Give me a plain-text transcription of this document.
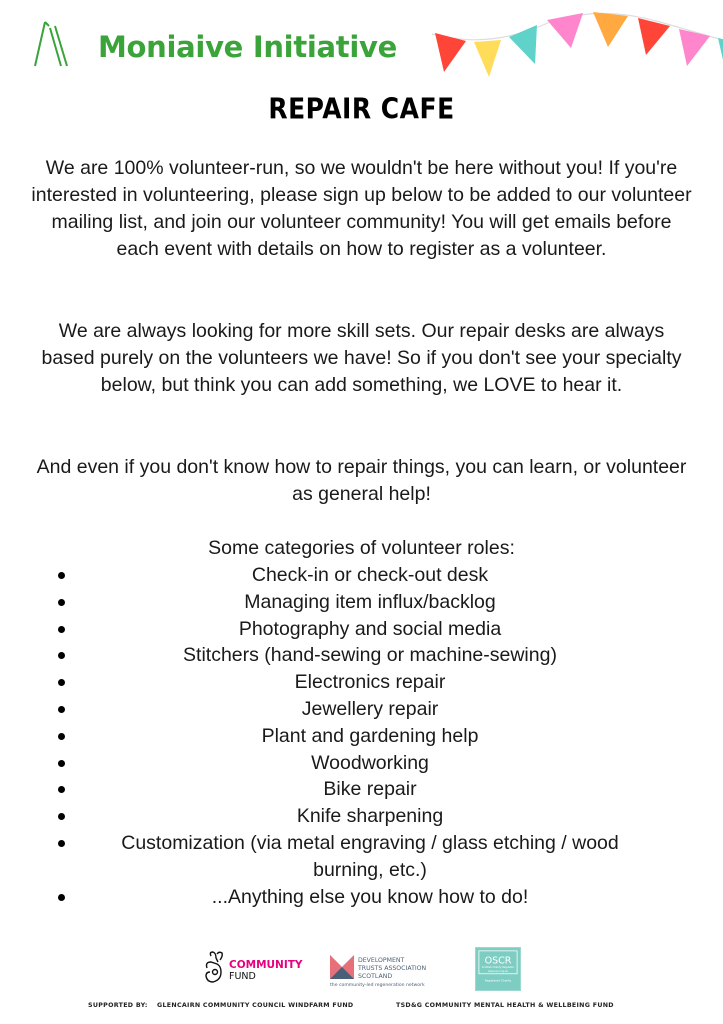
Moniaive Initiative
REPAIR CAFE
We are 100% volunteer-run, so we wouldn't be here without you! If you're interested in volunteering, please sign up below to be added to our volunteer mailing list, and join our volunteer community! You will get emails before each event with details on how to register as a volunteer.
We are always looking for more skill sets. Our repair desks are always based purely on the volunteers we have! So if you don't see your specialty below, but think you can add something, we LOVE to hear it.
And even if you don't know how to repair things, you can learn, or volunteer as general help!
Some categories of volunteer roles:
Check-in or check-out desk
Managing item influx/backlog
Photography and social media
Stitchers (hand-sewing or machine-sewing)
Electronics repair
Jewellery repair
Plant and gardening help
Woodworking
Bike repair
Knife sharpening
Customization (via metal engraving / glass etching / wood burning, etc.)
...Anything else you know how to do!
COMMUNITY
FUND
DEVELOPMENT
TRUSTS ASSOCIATION
SCOTLAND
the community-led regeneration network
OSCR
Scottish Charity Regulator
www.oscr.org.uk
Registered Charity
SUPPORTED BY: GLENCAIRN COMMUNITY COUNCIL WINDFARM FUND	TSD&G COMMUNITY MENTAL HEALTH & WELLBEING FUND
